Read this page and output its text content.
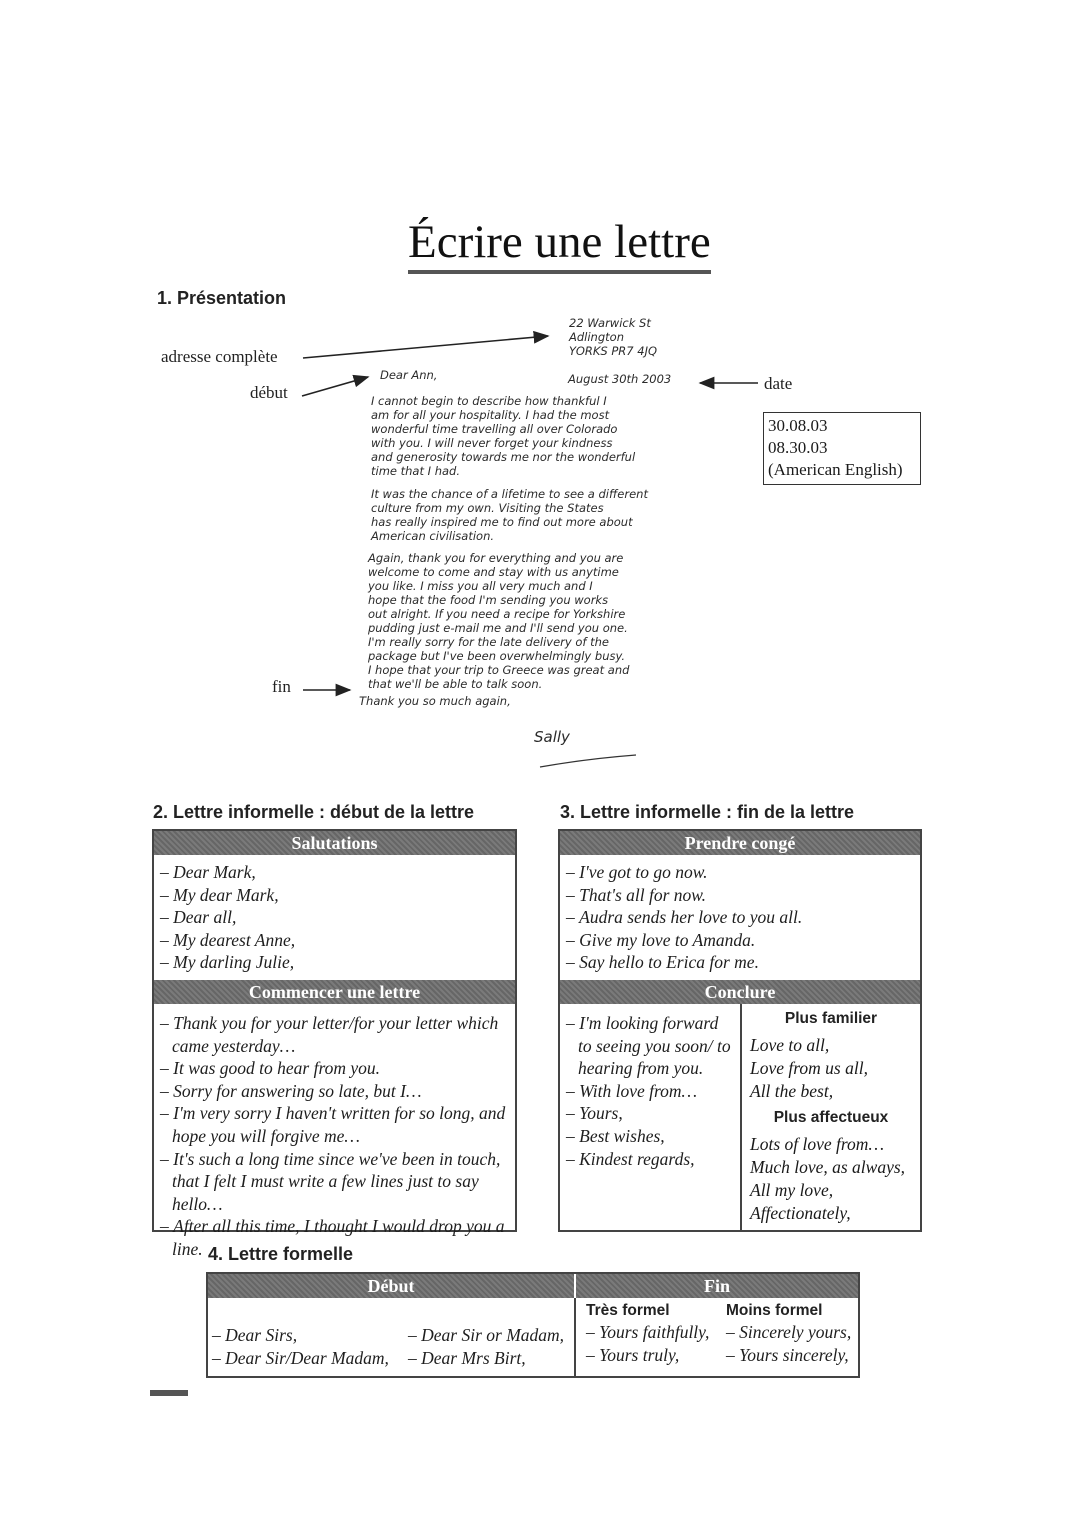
Écrire une lettre
1. Présentation
adresse complète
début	date
fin
30.08.03
08.30.03
(American English)
22 Warwick St
Adlington
YORKS PR7 4JQ
August 30th 2003
Dear Ann,
I cannot begin to describe how thankful I
am for all your hospitality. I had the most
wonderful time travelling all over Colorado
with you. I will never forget your kindness
and generosity towards me nor the wonderful
time that I had.
It was the chance of a lifetime to see a different
culture from my own. Visiting the States
has really inspired me to find out more about
American civilisation.
Again, thank you for everything and you are
welcome to come and stay with us anytime
you like. I miss you all very much and I
hope that the food I'm sending you works
out alright. If you need a recipe for Yorkshire
pudding just e-mail me and I'll send you one.
I'm really sorry for the late delivery of the
package but I've been overwhelmingly busy.
I hope that your trip to Greece was great and
that we'll be able to talk soon.
Thank you so much again,
Sally
2. Lettre informelle : début de la lettre
Salutations
– Dear Mark,
– My dear Mark,
– Dear all,
– My dearest Anne,
– My darling Julie,
Commencer une lettre
– Thank you for your letter/for your letter which came yesterday…
– It was good to hear from you.
– Sorry for answering so late, but I…
– I'm very sorry I haven't written for so long, and hope you will forgive me…
– It's such a long time since we've been in touch, that I felt I must write a few lines just to say hello…
– After all this time, I thought I would drop you a line.
3. Lettre informelle : fin de la lettre
Prendre congé
– I've got to go now.
– That's all for now.
– Audra sends her love to you all.
– Give my love to Amanda.
– Say hello to Erica for me.
Conclure
– I'm looking forward to seeing you soon/ to hearing from you.
– With love from…
– Yours,
– Best wishes,
– Kindest regards,
Plus familier
Love to all,
Love from us all,
All the best,
Plus affectueux
Lots of love from…
Much love, as always,
All my love,
Affectionately,
4. Lettre formelle
Début	Fin
– Dear Sirs,
– Dear Sir/Dear Madam,
– Dear Sir or Madam,
– Dear Mrs Birt,
Très formel
– Yours faithfully,
– Yours truly,
Moins formel
– Sincerely yours,
– Yours sincerely,
